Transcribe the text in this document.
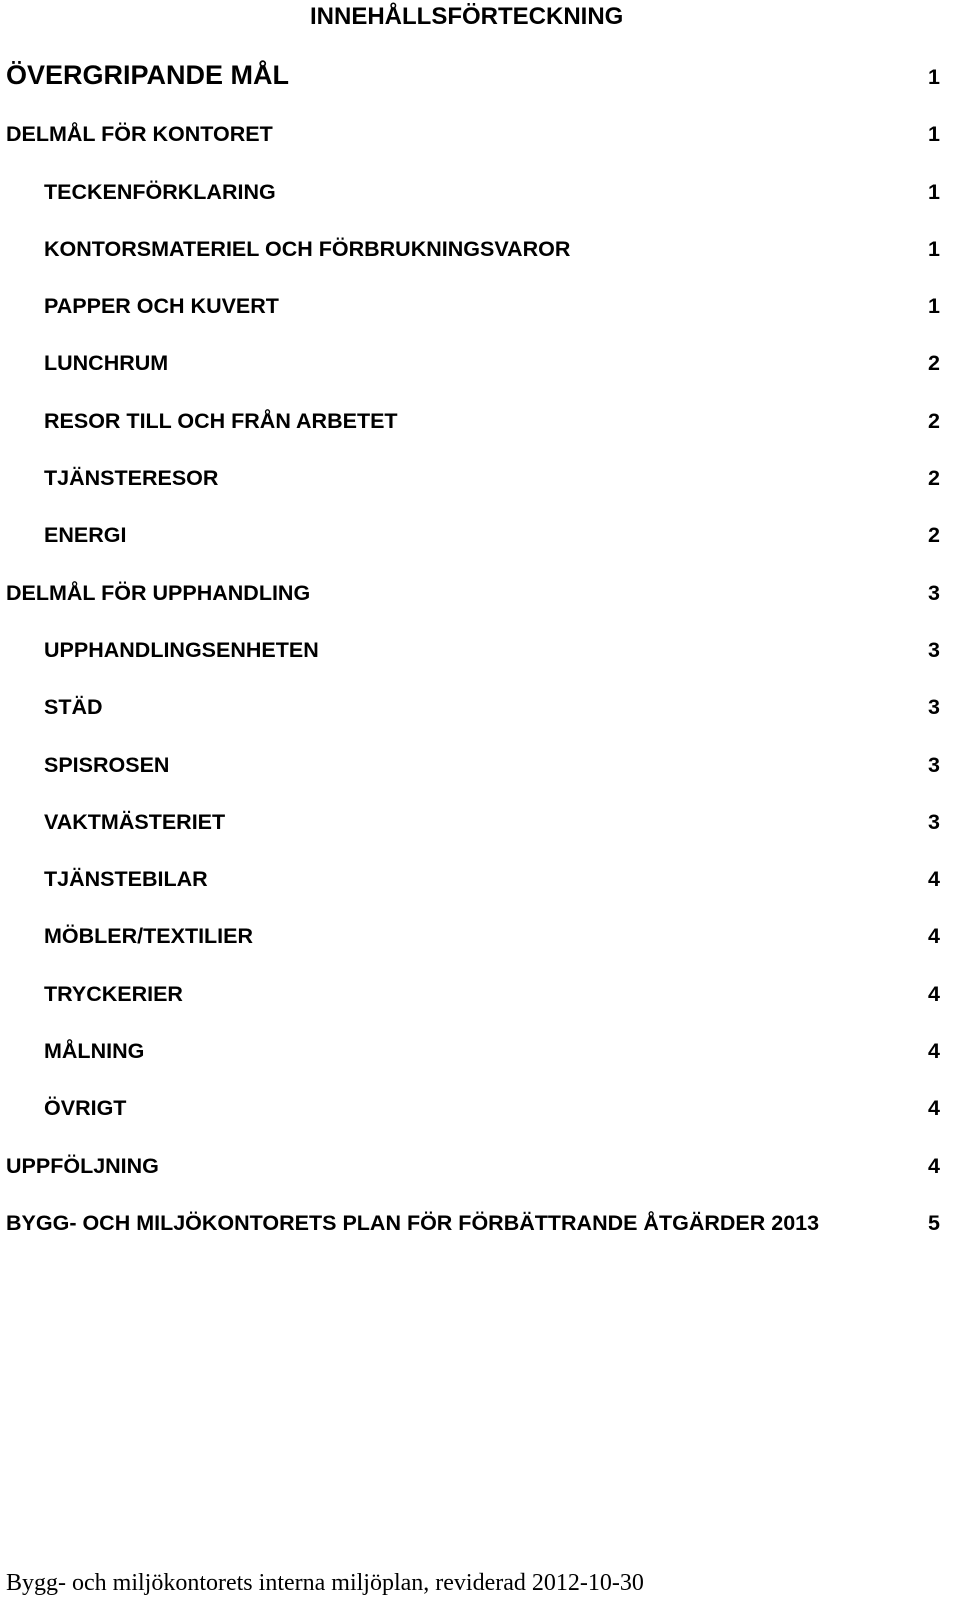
INNEHÅLLSFÖRTECKNING
ÖVERGRIPANDE MÅL	1
DELMÅL FÖR KONTORET	1
TECKENFÖRKLARING	1
KONTORSMATERIEL OCH FÖRBRUKNINGSVAROR	1
PAPPER OCH KUVERT	1
LUNCHRUM	2
RESOR TILL OCH FRÅN ARBETET	2
TJÄNSTERESOR	2
ENERGI	2
DELMÅL FÖR UPPHANDLING	3
UPPHANDLINGSENHETEN	3
STÄD	3
SPISROSEN	3
VAKTMÄSTERIET	3
TJÄNSTEBILAR	4
MÖBLER/TEXTILIER	4
TRYCKERIER	4
MÅLNING	4
ÖVRIGT	4
UPPFÖLJNING	4
BYGG- OCH MILJÖKONTORETS PLAN FÖR FÖRBÄTTRANDE ÅTGÄRDER 2013	5
Bygg- och miljökontorets interna miljöplan, reviderad 2012-10-30
